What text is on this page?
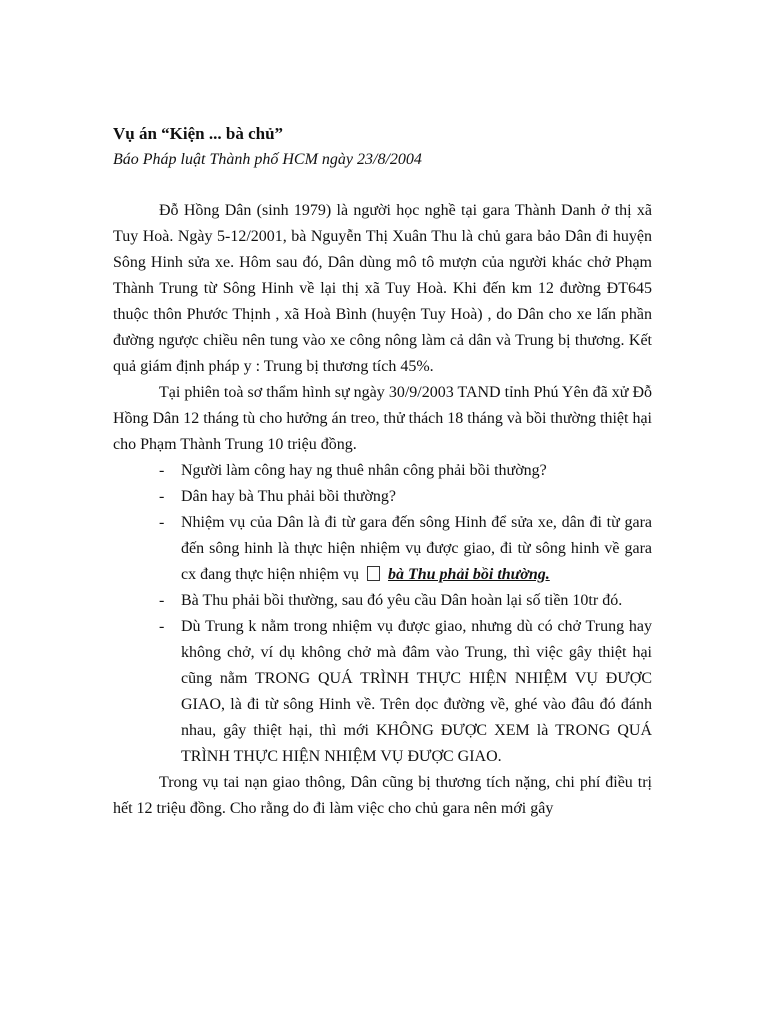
Vụ án “Kiện ... bà chủ”

Báo Pháp luật Thành phố HCM ngày 23/8/2004

Đỗ Hồng Dân (sinh 1979) là người học nghề tại gara Thành Danh ở thị xã Tuy Hoà. Ngày 5-12/2001, bà Nguyễn Thị Xuân Thu là chủ gara bảo Dân đi huyện Sông Hinh sửa xe. Hôm sau đó, Dân dùng mô tô mượn của người khác chở Phạm Thành Trung từ Sông Hinh về lại thị xã Tuy Hoà. Khi đến km 12 đường ĐT645 thuộc thôn Phước Thịnh , xã Hoà Bình (huyện Tuy Hoà) , do Dân cho xe lấn phần đường ngược chiều nên tung vào xe công nông làm cả dân và Trung bị thương. Kết quả giám định pháp y : Trung bị thương tích 45%.

Tại phiên toà sơ thẩm hình sự ngày 30/9/2003 TAND tỉnh Phú Yên đã xử Đỗ Hồng Dân 12 tháng tù cho hưởng án treo, thử thách 18 tháng và bồi thường thiệt hại cho Phạm Thành Trung 10 triệu đồng.

- Người làm công hay ng thuê nhân công phải bồi thường?
- Dân hay bà Thu phải bồi thường?
- Nhiệm vụ của Dân là đi từ gara đến sông Hinh để sửa xe, dân đi từ gara đến sông hinh là thực hiện nhiệm vụ được giao, đi từ sông hinh về gara cx đang thực hiện nhiệm vụ bà Thu phải bồi thường.
- Bà Thu phải bồi thường, sau đó yêu cầu Dân hoàn lại số tiền 10tr đó.
- Dù Trung k nằm trong nhiệm vụ được giao, nhưng dù có chở Trung hay không chở, ví dụ không chở mà đâm vào Trung, thì việc gây thiệt hại cũng nằm TRONG QUÁ TRÌNH THỰC HIỆN NHIỆM VỤ ĐƯỢC GIAO, là đi từ sông Hinh về. Trên dọc đường về, ghé vào đâu đó đánh nhau, gây thiệt hại, thì mới KHÔNG ĐƯỢC XEM là TRONG QUÁ TRÌNH THỰC HIỆN NHIỆM VỤ ĐƯỢC GIAO.

Trong vụ tai nạn giao thông, Dân cũng bị thương tích nặng, chi phí điều trị hết 12 triệu đồng. Cho rằng do đi làm việc cho chủ gara nên mới gây
